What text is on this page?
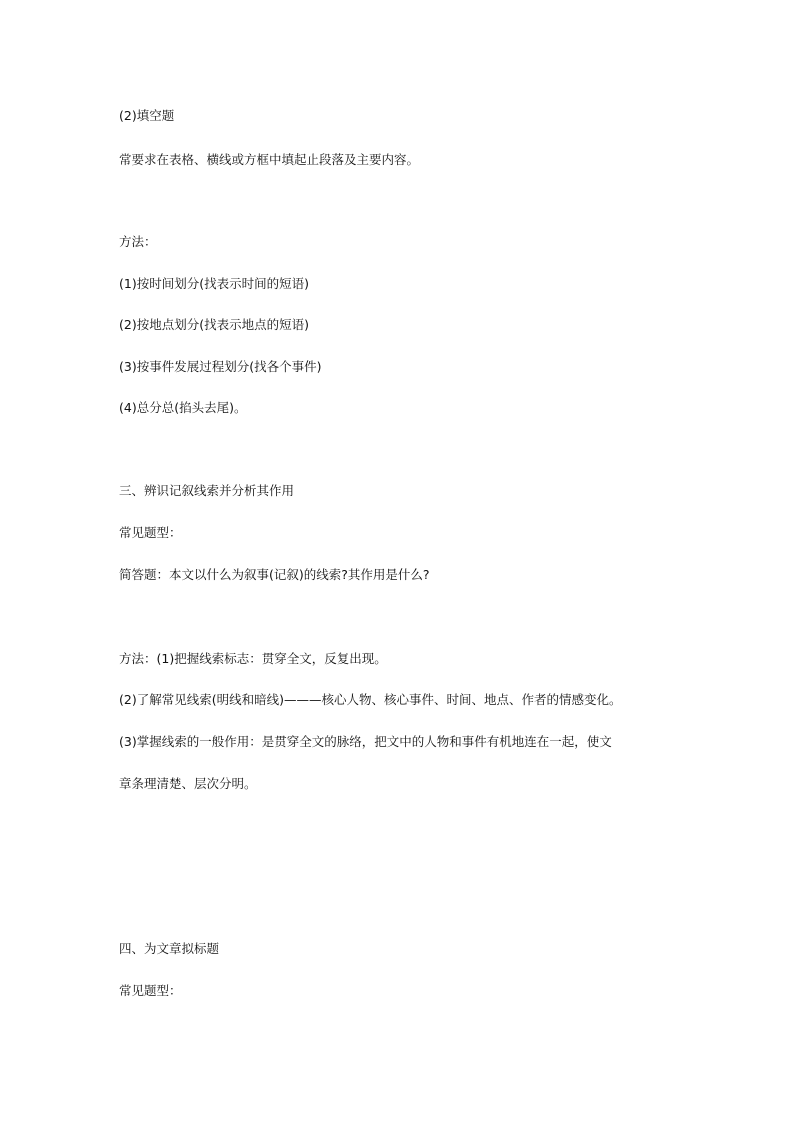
(2)填空题
常要求在表格、横线或方框中填起止段落及主要内容。
方法：
(1)按时间划分(找表示时间的短语)
(2)按地点划分(找表示地点的短语)
(3)按事件发展过程划分(找各个事件)
(4)总分总(掐头去尾)。
三、辨识记叙线索并分析其作用
常见题型：
简答题：本文以什么为叙事(记叙)的线索?其作用是什么?
方法：(1)把握线索标志：贯穿全文，反复出现。
(2)了解常见线索(明线和暗线)———核心人物、核心事件、时间、地点、作者的情感变化。
(3)掌握线索的一般作用：是贯穿全文的脉络，把文中的人物和事件有机地连在一起，使文
章条理清楚、层次分明。
四、为文章拟标题
常见题型：
